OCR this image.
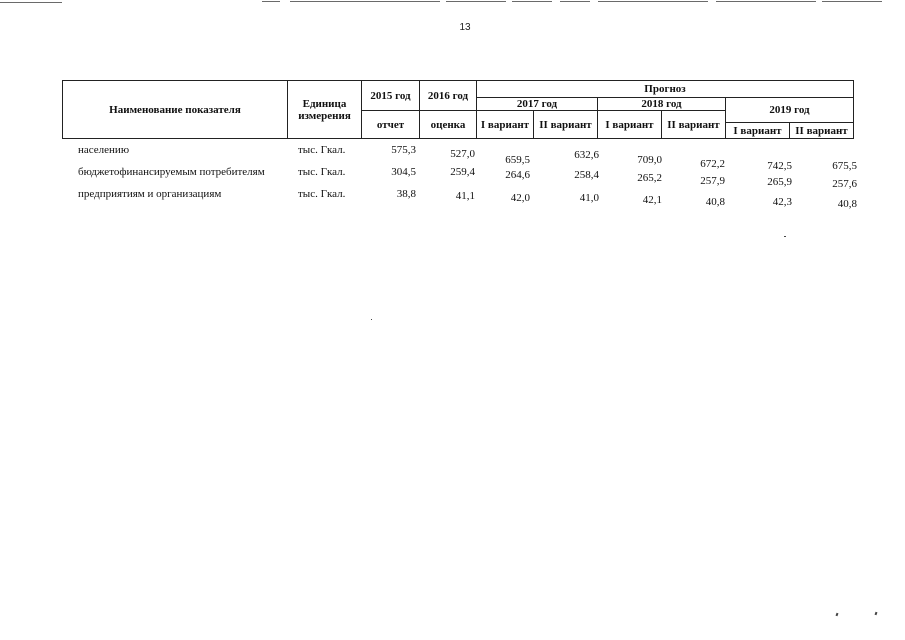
13
Наименование показателя	Единица измерения	2015 год	2016 год	Прогноз					
				2017 год		2018 год		2019 год	
		отчет	оценка	I вариант	II вариант	I вариант	II вариант		
								I вариант	II вариант
населению	тыс. Гкал.	575,3	527,0	659,5	632,6	709,0	672,2	742,5	675,5
бюджетофинансируемым потребителям	тыс. Гкал.	304,5	259,4	264,6	258,4	265,2	257,9	265,9	257,6
предприятиям и организациям	тыс. Гкал.	38,8	41,1	42,0	41,0	42,1	40,8	42,3	40,8
